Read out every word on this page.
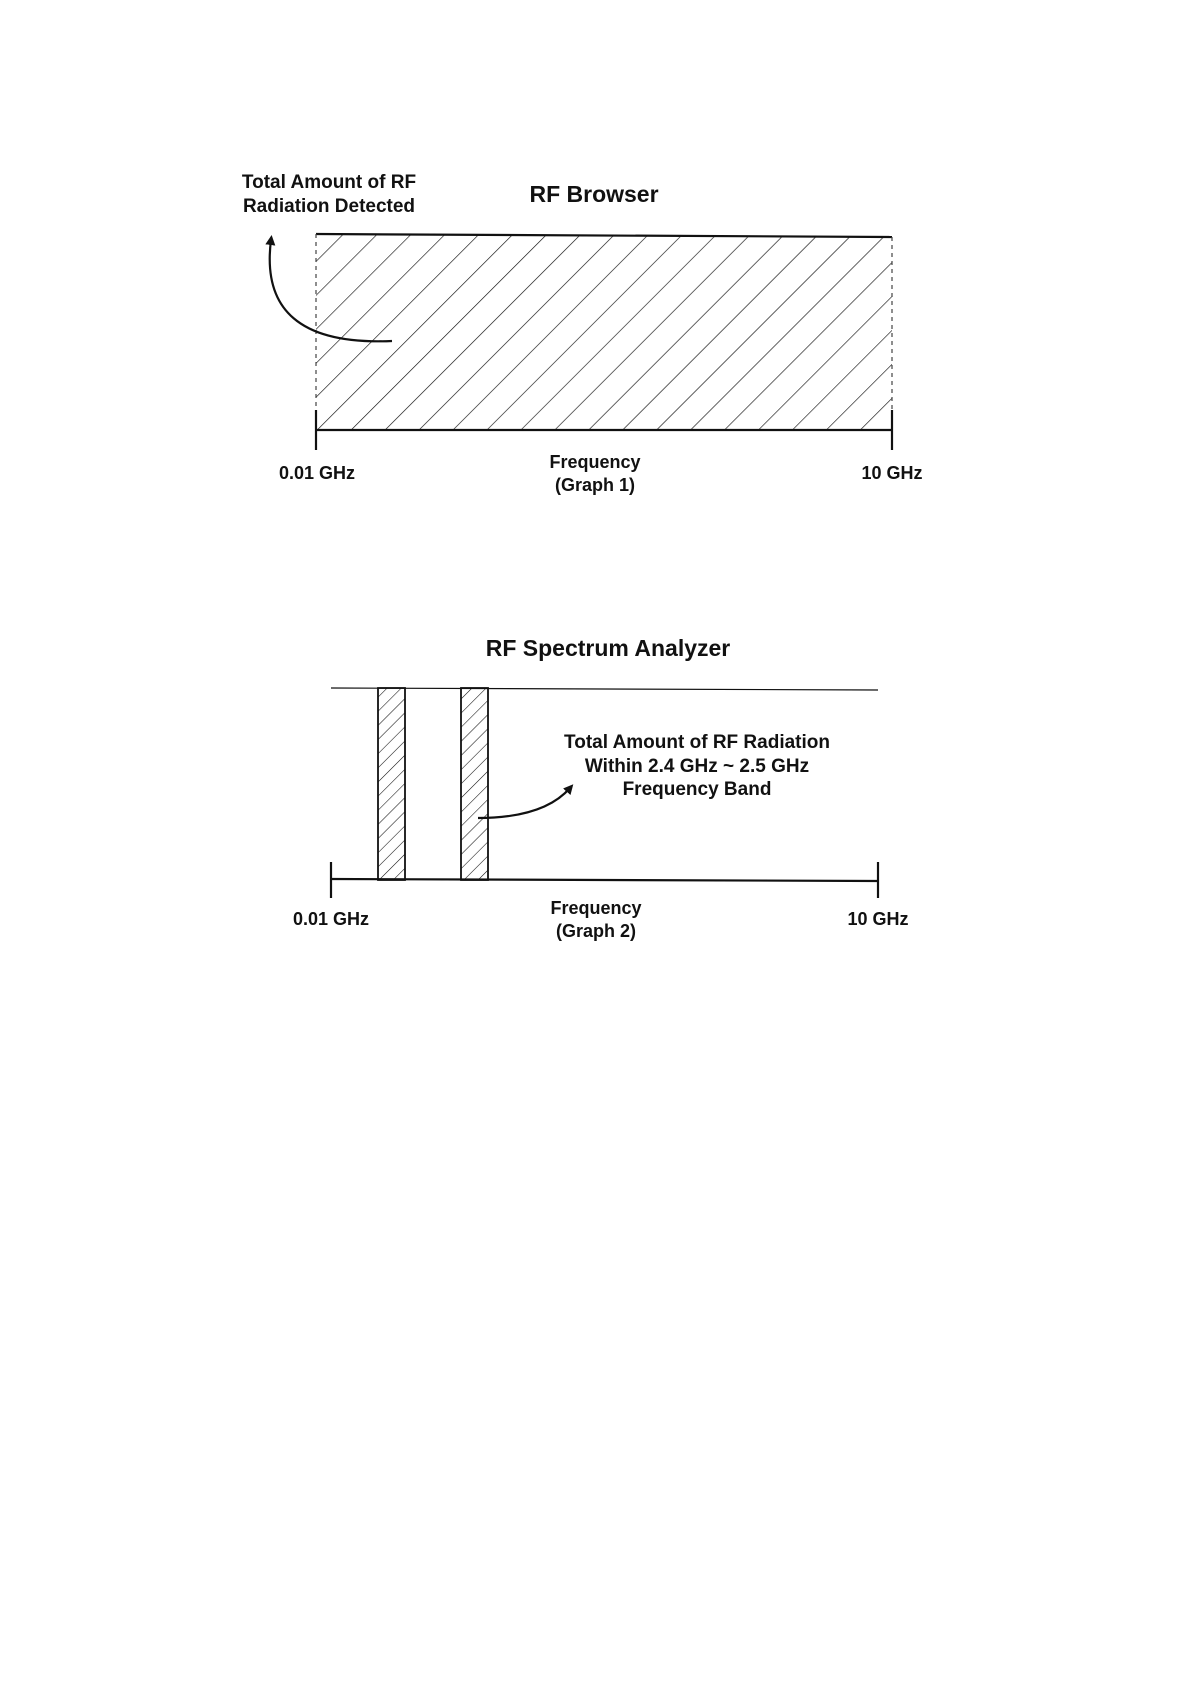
RF Browser
Total Amount of RF
Radiation Detected
0.01 GHz	10 GHz
Frequency
(Graph 1)
RF Spectrum Analyzer
Total Amount of RF Radiation
Within 2.4 GHz ~ 2.5 GHz
Frequency Band
0.01 GHz	10 GHz
Frequency
(Graph 2)
